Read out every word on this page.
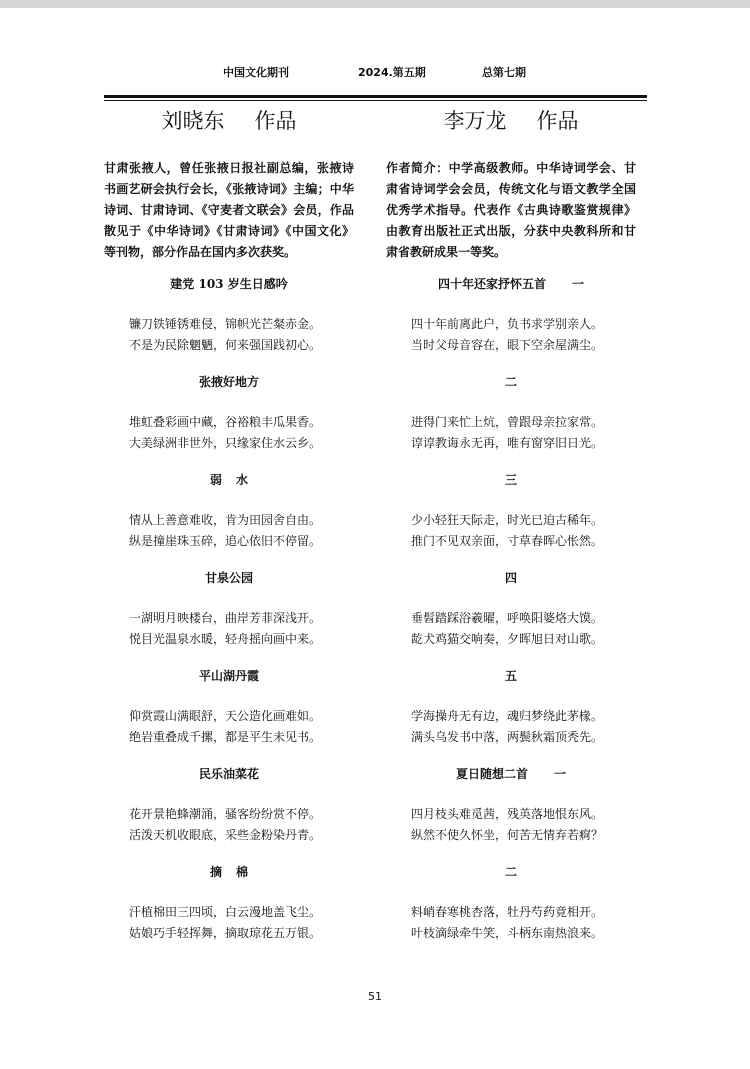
中国文化期刊	2024.第五期	总第七期
刘晓东 作品
甘肃张掖人，曾任张掖日报社副总编，张掖诗书画艺研会执行会长，《张掖诗词》主编；中华诗词、甘肃诗词、《守麦者文联会》会员，作品散见于《中华诗词》《甘肃诗词》《中国文化》等刊物，部分作品在国内多次获奖。
建党 103 岁生日感吟
镰刀铁锤锈难侵，锦帜光芒粲赤金。
不是为民除魍魉，何来强国践初心。
张掖好地方
堆虹叠彩画中藏，谷裕粮丰瓜果香。
大美绿洲非世外，只缘家住水云乡。
弱 水
情从上善意难收，肯为田园舍自由。
纵是撞崖珠玉碎，追心依旧不停留。
甘泉公园
一湖明月映楼台，曲岸芳菲深浅开。
悦目光温泉水暖，轻舟摇向画中来。
平山湖丹霞
仰赏霞山满眼舒，天公造化画难如。
绝岩重叠成千摞，都是平生未见书。
民乐油菜花
花开景艳蜂潮涌，骚客纷纷赏不停。
活泼天机收眼底，采些金粉染丹青。
摘 棉
汗植棉田三四顷，白云漫地盖飞尘。
姑娘巧手轻挥舞，摘取琼花五万银。
李万龙 作品
作者简介：中学高级教师。中华诗词学会、甘肃省诗词学会会员，传统文化与语文教学全国优秀学术指导。代表作《古典诗歌鉴赏规律》由教育出版社正式出版，分获中央教科所和甘肃省教研成果一等奖。
四十年还家抒怀五首 一
四十年前离此户，负书求学别亲人。
当时父母音容在，眼下空余屋满尘。
二
进得门来忙上炕，曾跟母亲拉家常。
谆谆教诲永无再，唯有窗穿旧日光。
三
少小轻狂天际走，时光已迫古稀年。
推门不见双亲面，寸草春晖心怅然。
四
垂髫踏踩浴羲曜，呼唤阳婆烙大馍。
龁犬鸡猫交响奏，夕晖旭日对山歌。
五
学海操舟无有边，魂归梦绕此茅椽。
满头乌发书中落，两鬓秋霜顶秃先。
夏日随想二首 一
四月枝头难觅茜，残英落地恨东风。
纵然不使久怀坐，何苦无情弃若痾？
二
料峭春寒桃杏落，牡丹芍药竟相开。
叶枝滴绿牵牛笑，斗柄东南热浪来。
51
